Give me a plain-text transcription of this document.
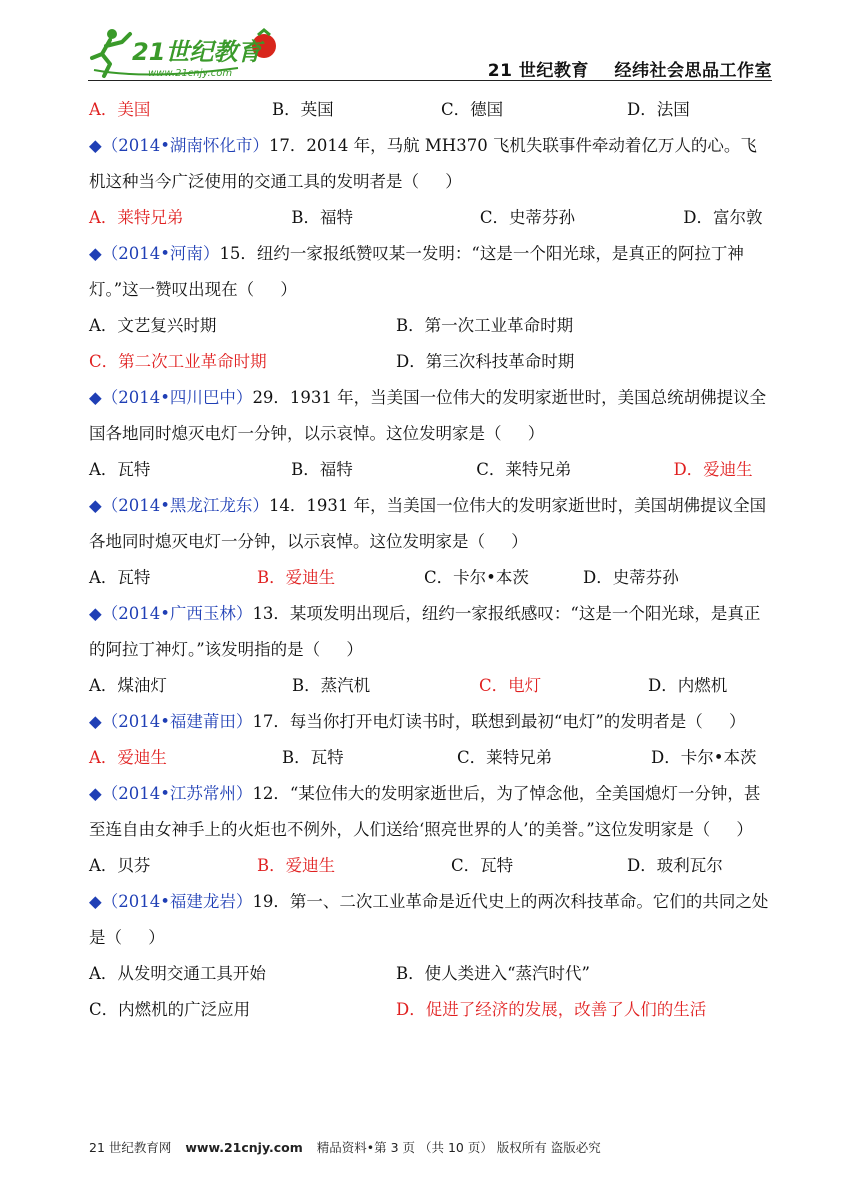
21世纪教育
www.21cnjy.com	21 世纪教育    经纬社会思品工作室
A．美国	B．英国	C．德国	D．法国

◆（2014•湖南怀化市）17．2014 年，马航 MH370 飞机失联事件牵动着亿万人的心。飞机这种当今广泛使用的交通工具的发明者是（     ）

A．莱特兄弟	B．福特	C．史蒂芬孙	D．富尔敦

◆（2014•河南）15．纽约一家报纸赞叹某一发明：“这是一个阳光球，是真正的阿拉丁神灯。”这一赞叹出现在（     ）

A．文艺复兴时期	B．第一次工业革命时期
C．第二次工业革命时期	D．第三次科技革命时期

◆（2014•四川巴中）29．1931 年，当美国一位伟大的发明家逝世时，美国总统胡佛提议全国各地同时熄灭电灯一分钟，以示哀悼。这位发明家是（     ）

A．瓦特	B．福特	C．莱特兄弟	D．爱迪生

◆（2014•黑龙江龙东）14．1931 年，当美国一位伟大的发明家逝世时，美国胡佛提议全国各地同时熄灭电灯一分钟，以示哀悼。这位发明家是（     ）

A．瓦特	B．爱迪生	C．卡尔•本茨	D．史蒂芬孙

◆（2014•广西玉林）13．某项发明出现后，纽约一家报纸感叹：“这是一个阳光球，是真正的阿拉丁神灯。”该发明指的是（     ）

A．煤油灯	B．蒸汽机	C．电灯	D．内燃机

◆（2014•福建莆田）17．每当你打开电灯读书时，联想到最初“电灯”的发明者是（     ）

A．爱迪生	B．瓦特	C．莱特兄弟	D．卡尔•本茨

◆（2014•江苏常州）12．“某位伟大的发明家逝世后，为了悼念他，全美国熄灯一分钟，甚至连自由女神手上的火炬也不例外，人们送给‘照亮世界的人’的美誉。”这位发明家是（     ）

A．贝芬	B．爱迪生	C．瓦特	D．玻利瓦尔

◆（2014•福建龙岩）19．第一、二次工业革命是近代史上的两次科技革命。它们的共同之处是（     ）

A．从发明交通工具开始	B．使人类进入“蒸汽时代”
C．内燃机的广泛应用	D．促进了经济的发展，改善了人们的生活
21 世纪教育网 www.21cnjy.com 精品资料•第 3 页 （共 10 页） 版权所有 盗版必究
